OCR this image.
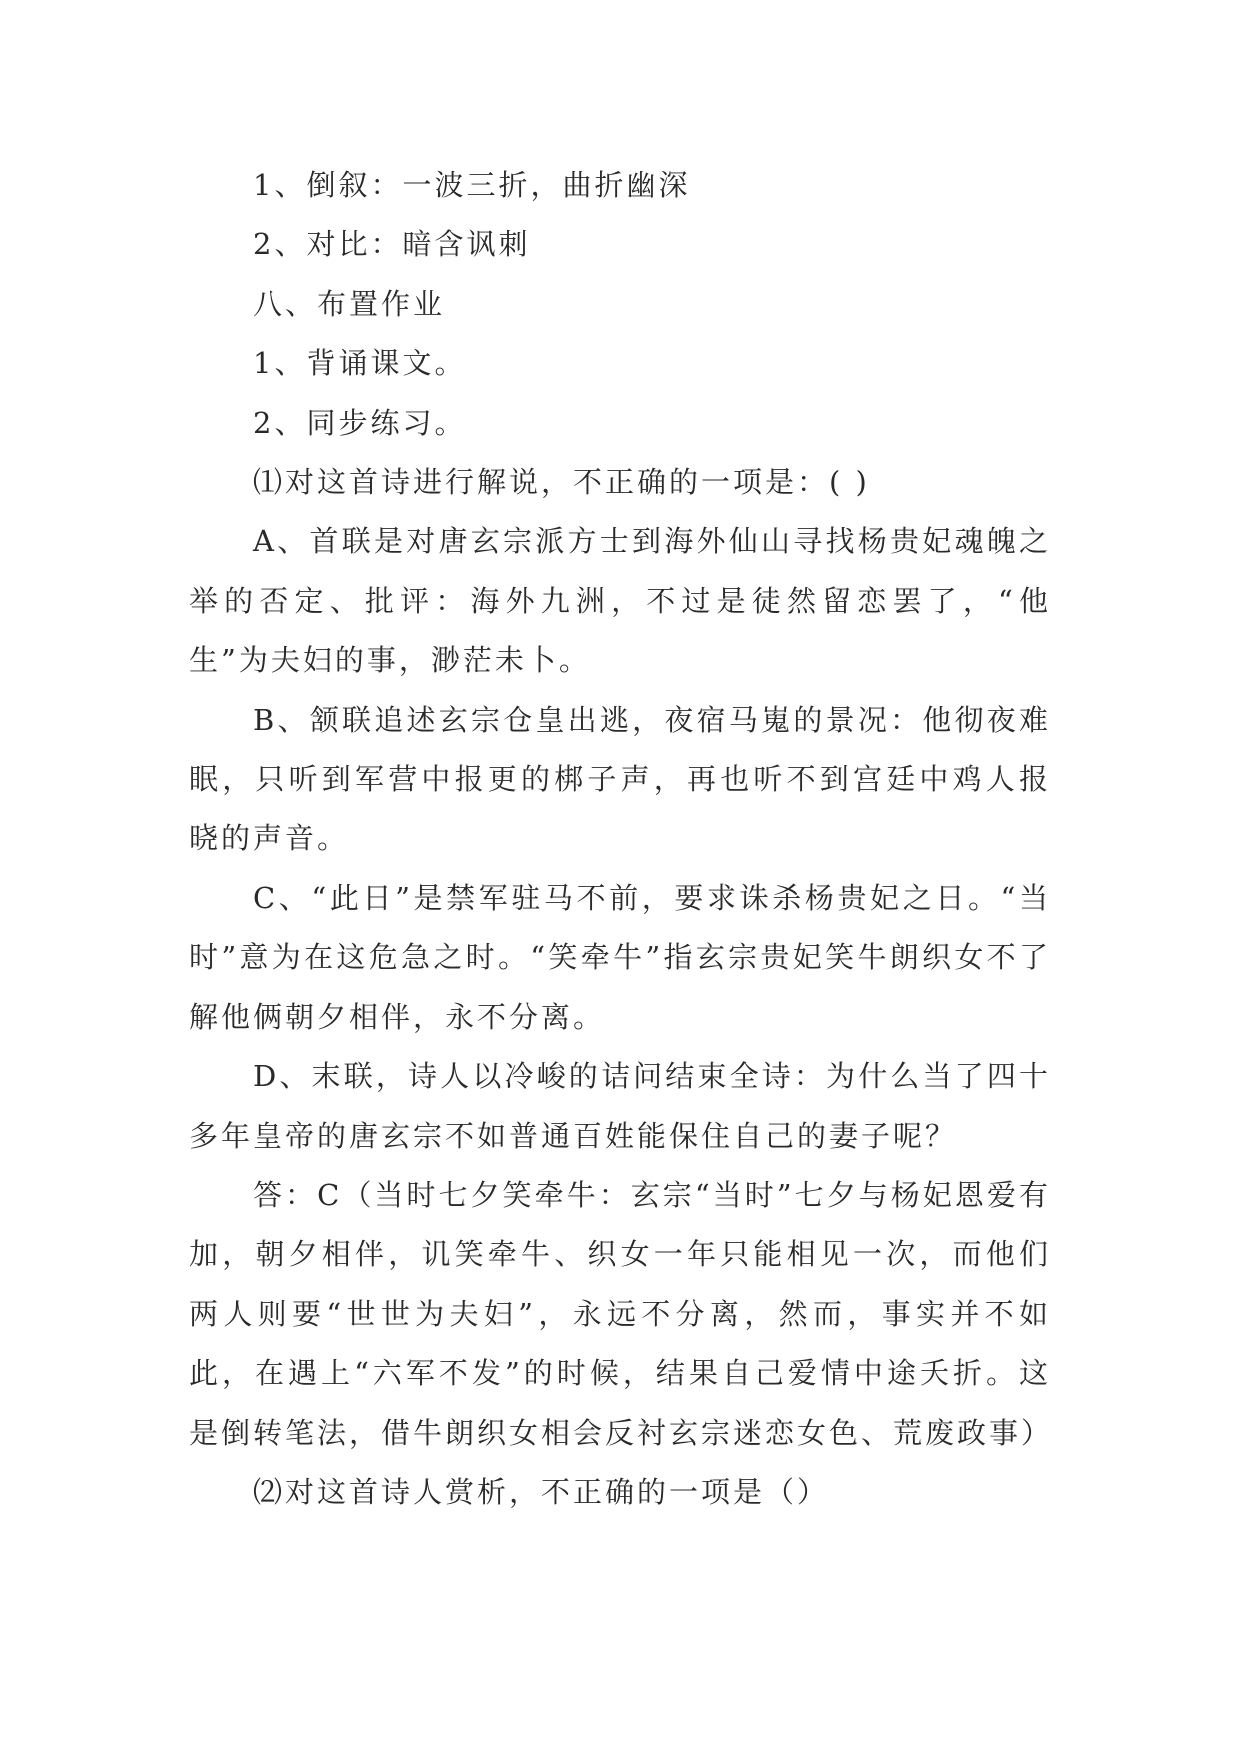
1、倒叙：一波三折，曲折幽深

2、对比：暗含讽刺

八、布置作业

1、背诵课文。

2、同步练习。

⑴对这首诗进行解说，不正确的一项是：( )

A、首联是对唐玄宗派方士到海外仙山寻找杨贵妃魂魄之举的否定、批评：海外九洲，不过是徒然留恋罢了，“他生”为夫妇的事，渺茫未卜。

B、颔联追述玄宗仓皇出逃，夜宿马嵬的景况：他彻夜难眠，只听到军营中报更的梆子声，再也听不到宫廷中鸡人报晓的声音。

C、“此日”是禁军驻马不前，要求诛杀杨贵妃之日。“当时”意为在这危急之时。“笑牵牛”指玄宗贵妃笑牛朗织女不了解他俩朝夕相伴，永不分离。

D、末联，诗人以冷峻的诘问结束全诗：为什么当了四十多年皇帝的唐玄宗不如普通百姓能保住自己的妻子呢？

答：C（当时七夕笑牵牛：玄宗“当时”七夕与杨妃恩爱有加，朝夕相伴，讥笑牵牛、织女一年只能相见一次，而他们两人则要“世世为夫妇”，永远不分离，然而，事实并不如此，在遇上“六军不发”的时候，结果自己爱情中途夭折。这是倒转笔法，借牛朗织女相会反衬玄宗迷恋女色、荒废政事）

⑵对这首诗人赏析，不正确的一项是（）
